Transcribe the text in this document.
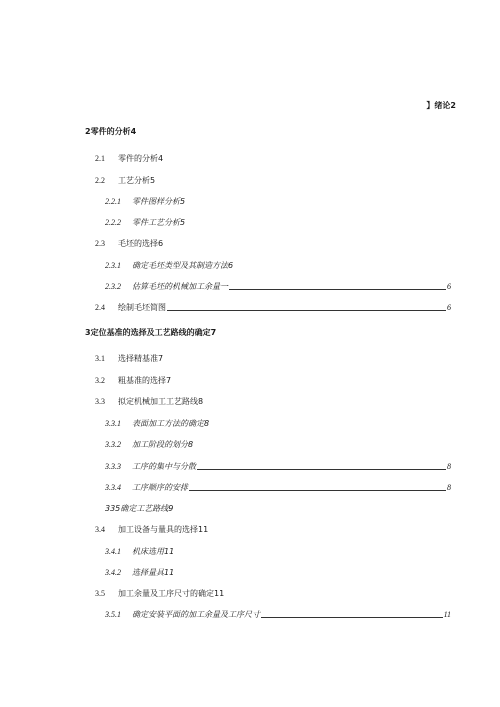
】绪论2
2零件的分析4
2.1	零件的分析4
2.2	工艺分析5
2.2.1	零件图样分析5
2.2.2	零件工艺分析5
2.3	毛坯的选择6
2.3.1	确定毛坯类型及其制造方法6
2.3.2	估算毛坯的机械加工余量一	6
2.4	绘制毛坯简图	6
3定位基准的选择及工艺路线的确定7
3.1	选择精基准7
3.2	粗基准的选择7
3.3	拟定机械加工工艺路线8
3.3.1	表面加工方法的确定8
3.3.2	加工阶段的划分8
3.3.3	工序的集中与分散	8
3.3.4	工序顺序的安排	8
335确定工艺路线9
3.4	加工设备与量具的选择11
3.4.1	机床选用11
3.4.2	选择量具11
3.5	加工余量及工序尺寸的确定11
3.5.1	确定安装平面的加工余量及工序尺寸	11
